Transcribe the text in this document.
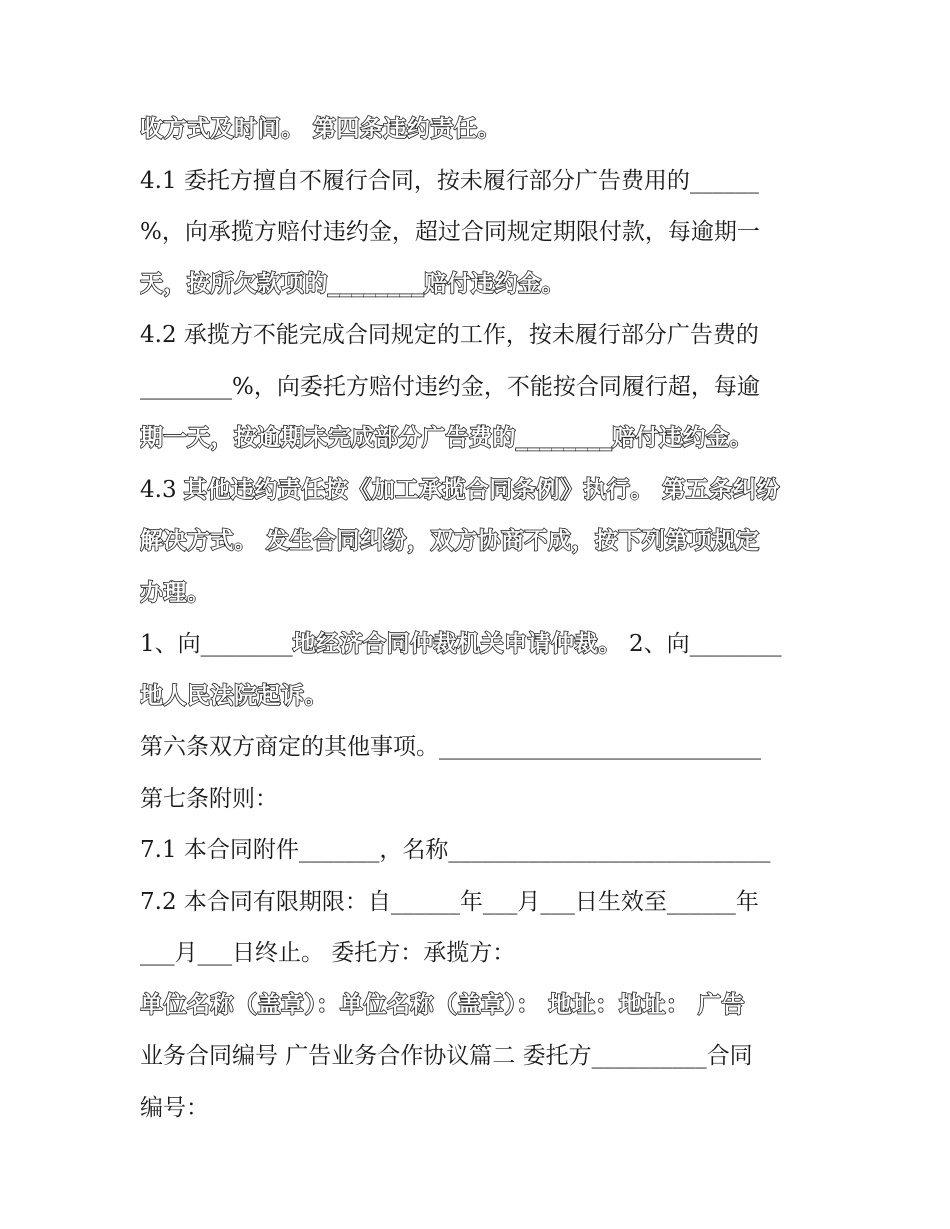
收方式及时间。 第四条违约责任。
4.1 委托方擅自不履行合同，按未履行部分广告费用的______
%，向承揽方赔付违约金，超过合同规定期限付款，每逾期一
天，按所欠款项的________赔付违约金。
4.2 承揽方不能完成合同规定的工作，按未履行部分广告费的
________%，向委托方赔付违约金，不能按合同履行超，每逾
期一天，按逾期未完成部分广告费的________赔付违约金。
4.3 其他违约责任按《加工承揽合同条例》执行。 第五条纠纷
解决方式。 发生合同纠纷，双方协商不成，按下列第项规定
办理。
1、向________地经济合同仲裁机关申请仲裁。 2、向________
地人民法院起诉。
第六条双方商定的其他事项。____________________________
第七条附则：
7.1 本合同附件_______，名称____________________________
7.2 本合同有限期限：自______年___月___日生效至______年
___月___日终止。 委托方：承揽方：
单位名称（盖章）：单位名称（盖章）： 地址：地址： 广告
业务合同编号 广告业务合作协议篇二 委托方__________合同
编号：
